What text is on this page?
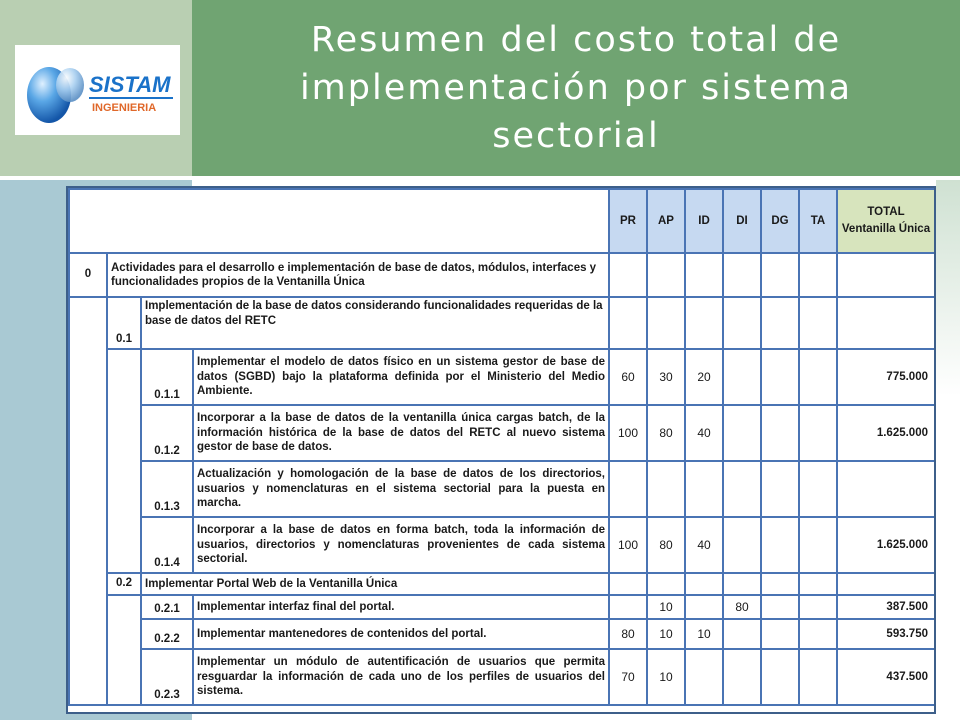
Resumen del costo total de implementación por sistema sectorial
SISTAM
INGENIERIA
				PR	AP	ID	DI	DG	TA	TOTAL Ventanilla Única
0	Actividades para el desarrollo e implementación de base de datos, módulos, interfaces y funcionalidades propios de la Ventanilla Única									
	0.1	Implementación de la base de datos considerando funcionalidades requeridas de la base de datos del RETC								
		0.1.1	Implementar el modelo de datos físico en un sistema gestor de base de datos (SGBD) bajo la plataforma definida por el Ministerio del Medio Ambiente.	60	30	20				775.000
		0.1.2	Incorporar a la base de datos de la ventanilla única cargas batch, de la información histórica de la base de datos del RETC al nuevo sistema gestor de base de datos.	100	80	40				1.625.000
		0.1.3	Actualización y homologación de la base de datos de los directorios, usuarios y nomenclaturas en el sistema sectorial para la puesta en marcha.							
		0.1.4	Incorporar a la base de datos en forma batch, toda la información de usuarios, directorios y nomenclaturas provenientes de cada sistema sectorial.	100	80	40				1.625.000
	0.2	Implementar Portal Web de la Ventanilla Única								
		0.2.1	Implementar interfaz final del portal.		10		80			387.500
		0.2.2	Implementar mantenedores de contenidos del portal.	80	10	10				593.750
		0.2.3	Implementar un módulo de autentificación de usuarios que permita resguardar la información de cada uno de los perfiles de usuarios del sistema.	70	10					437.500
